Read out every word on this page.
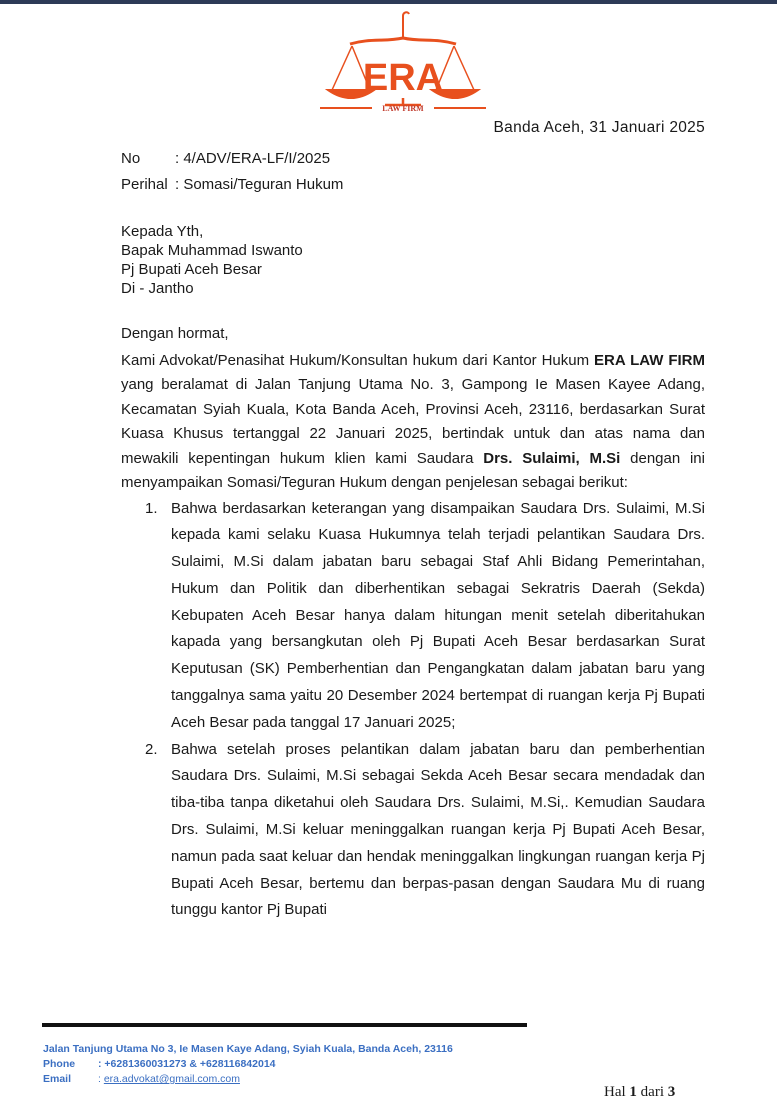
ERA
LAW FIRM
Banda Aceh, 31 Januari 2025
No : 4/ADV/ERA-LF/I/2025
Perihal : Somasi/Teguran Hukum
Kepada Yth,
Bapak Muhammad Iswanto
Pj Bupati Aceh Besar
Di - Jantho

Dengan hormat,

Kami Advokat/Penasihat Hukum/Konsultan hukum dari Kantor Hukum ERA LAW FIRM yang beralamat di Jalan Tanjung Utama No. 3, Gampong Ie Masen Kayee Adang, Kecamatan Syiah Kuala, Kota Banda Aceh, Provinsi Aceh, 23116, berdasarkan Surat Kuasa Khusus tertanggal 22 Januari 2025, bertindak untuk dan atas nama dan mewakili kepentingan hukum klien kami Saudara Drs. Sulaimi, M.Si dengan ini menyampaikan Somasi/Teguran Hukum dengan penjelesan sebagai berikut:

1. Bahwa berdasarkan keterangan yang disampaikan Saudara Drs. Sulaimi, M.Si kepada kami selaku Kuasa Hukumnya telah terjadi pelantikan Saudara Drs. Sulaimi, M.Si dalam jabatan baru sebagai Staf Ahli Bidang Pemerintahan, Hukum dan Politik dan diberhentikan sebagai Sekratris Daerah (Sekda) Kebupaten Aceh Besar hanya dalam hitungan menit setelah diberitahukan kapada yang bersangkutan oleh Pj Bupati Aceh Besar berdasarkan Surat Keputusan (SK) Pemberhentian dan Pengangkatan dalam jabatan baru yang tanggalnya sama yaitu 20 Desember 2024 bertempat di ruangan kerja Pj Bupati Aceh Besar pada tanggal 17 Januari 2025;
2. Bahwa setelah proses pelantikan dalam jabatan baru dan pemberhentian Saudara Drs. Sulaimi, M.Si sebagai Sekda Aceh Besar secara mendadak dan tiba-tiba tanpa diketahui oleh Saudara Drs. Sulaimi, M.Si,. Kemudian Saudara Drs. Sulaimi, M.Si keluar meninggalkan ruangan kerja Pj Bupati Aceh Besar, namun pada saat keluar dan hendak meninggalkan lingkungan ruangan kerja Pj Bupati Aceh Besar, bertemu dan berpas-pasan dengan Saudara Mu di ruang tunggu kantor Pj Bupati
Jalan Tanjung Utama No 3, Ie Masen Kaye Adang, Syiah Kuala, Banda Aceh, 23116
Phone : +6281360031273 & +628116842014
Email	: era.advokat@gmail.com.com
Hal 1 dari 3
